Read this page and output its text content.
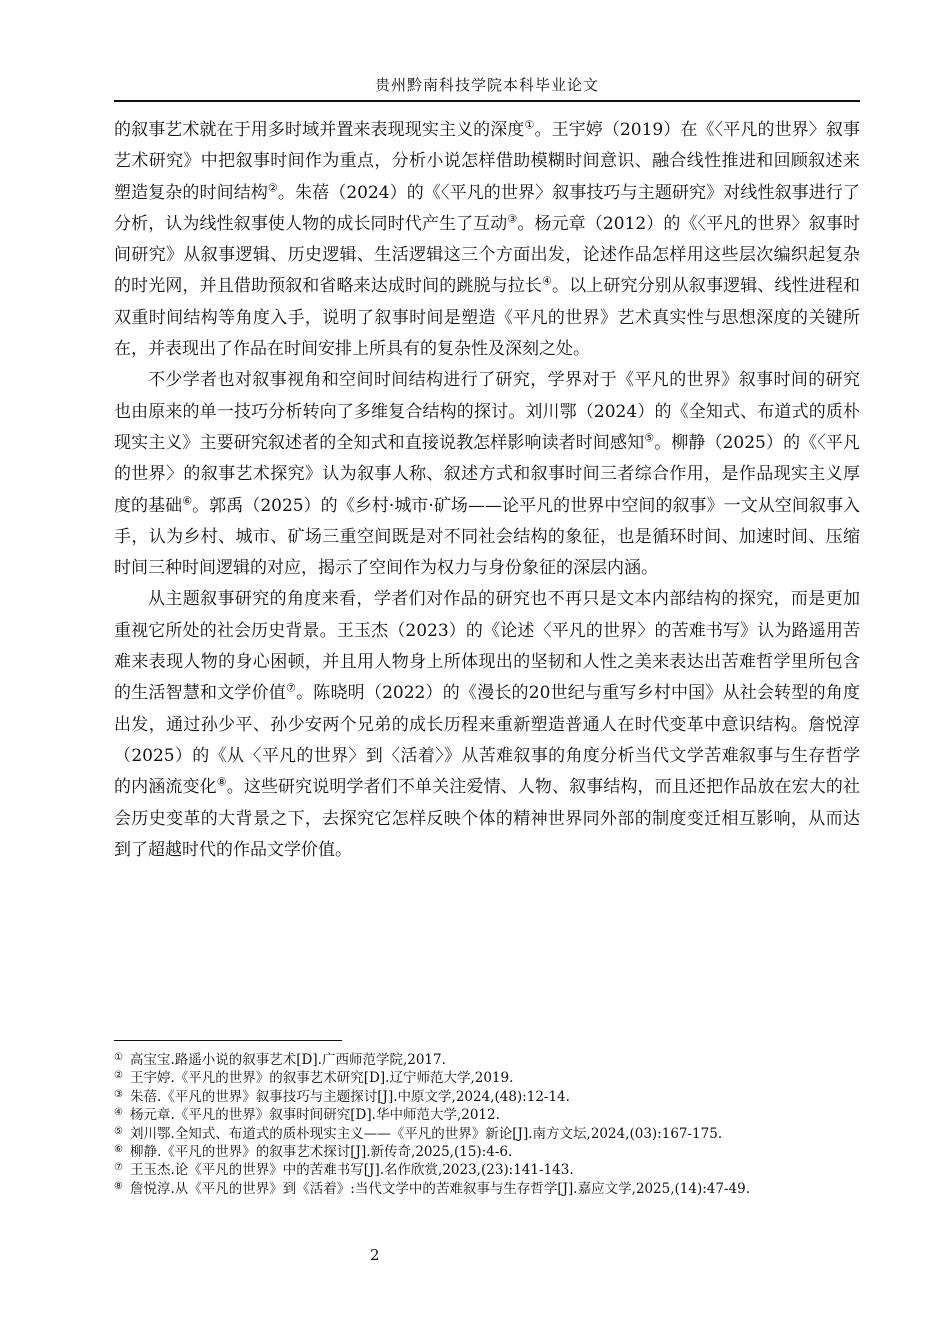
贵州黔南科技学院本科毕业论文

的叙事艺术就在于用多时域并置来表现现实主义的深度①。王宇婷（2019）在《〈平凡的世界〉叙事艺术研究》中把叙事时间作为重点，分析小说怎样借助模糊时间意识、融合线性推进和回顾叙述来塑造复杂的时间结构②。朱蓓（2024）的《〈平凡的世界〉叙事技巧与主题研究》对线性叙事进行了分析，认为线性叙事使人物的成长同时代产生了互动③。杨元章（2012）的《〈平凡的世界〉叙事时间研究》从叙事逻辑、历史逻辑、生活逻辑这三个方面出发，论述作品怎样用这些层次编织起复杂的时光网，并且借助预叙和省略来达成时间的跳脱与拉长④。以上研究分别从叙事逻辑、线性进程和双重时间结构等角度入手，说明了叙事时间是塑造《平凡的世界》艺术真实性与思想深度的关键所在，并表现出了作品在时间安排上所具有的复杂性及深刻之处。

不少学者也对叙事视角和空间时间结构进行了研究，学界对于《平凡的世界》叙事时间的研究也由原来的单一技巧分析转向了多维复合结构的探讨。刘川鄂（2024）的《全知式、布道式的质朴现实主义》主要研究叙述者的全知式和直接说教怎样影响读者时间感知⑤。柳静（2025）的《〈平凡的世界〉的叙事艺术探究》认为叙事人称、叙述方式和叙事时间三者综合作用，是作品现实主义厚度的基础⑥。郭禹（2025）的《乡村·城市·矿场——论平凡的世界中空间的叙事》一文从空间叙事入手，认为乡村、城市、矿场三重空间既是对不同社会结构的象征，也是循环时间、加速时间、压缩时间三种时间逻辑的对应，揭示了空间作为权力与身份象征的深层内涵。

从主题叙事研究的角度来看，学者们对作品的研究也不再只是文本内部结构的探究，而是更加重视它所处的社会历史背景。王玉杰（2023）的《论述〈平凡的世界〉的苦难书写》认为路遥用苦难来表现人物的身心困顿，并且用人物身上所体现出的坚韧和人性之美来表达出苦难哲学里所包含的生活智慧和文学价值⑦。陈晓明（2022）的《漫长的20世纪与重写乡村中国》从社会转型的角度出发，通过孙少平、孙少安两个兄弟的成长历程来重新塑造普通人在时代变革中意识结构。詹悦淳（2025）的《从〈平凡的世界〉到〈活着〉》从苦难叙事的角度分析当代文学苦难叙事与生存哲学的内涵流变化⑧。这些研究说明学者们不单关注爱情、人物、叙事结构，而且还把作品放在宏大的社会历史变革的大背景之下，去探究它怎样反映个体的精神世界同外部的制度变迁相互影响，从而达到了超越时代的作品文学价值。

① 高宝宝.路遥小说的叙事艺术[D].广西师范学院,2017.
② 王宇婷.《平凡的世界》的叙事艺术研究[D].辽宁师范大学,2019.
③ 朱蓓.《平凡的世界》叙事技巧与主题探讨[J].中原文学,2024,(48):12-14.
④ 杨元章.《平凡的世界》叙事时间研究[D].华中师范大学,2012.
⑤ 刘川鄂.全知式、布道式的质朴现实主义——《平凡的世界》新论[J].南方文坛,2024,(03):167-175.
⑥ 柳静.《平凡的世界》的叙事艺术探讨[J].新传奇,2025,(15):4-6.
⑦ 王玉杰.论《平凡的世界》中的苦难书写[J].名作欣赏,2023,(23):141-143.
⑧ 詹悦淳.从《平凡的世界》到《活着》:当代文学中的苦难叙事与生存哲学[J].嘉应文学,2025,(14):47-49.
2
